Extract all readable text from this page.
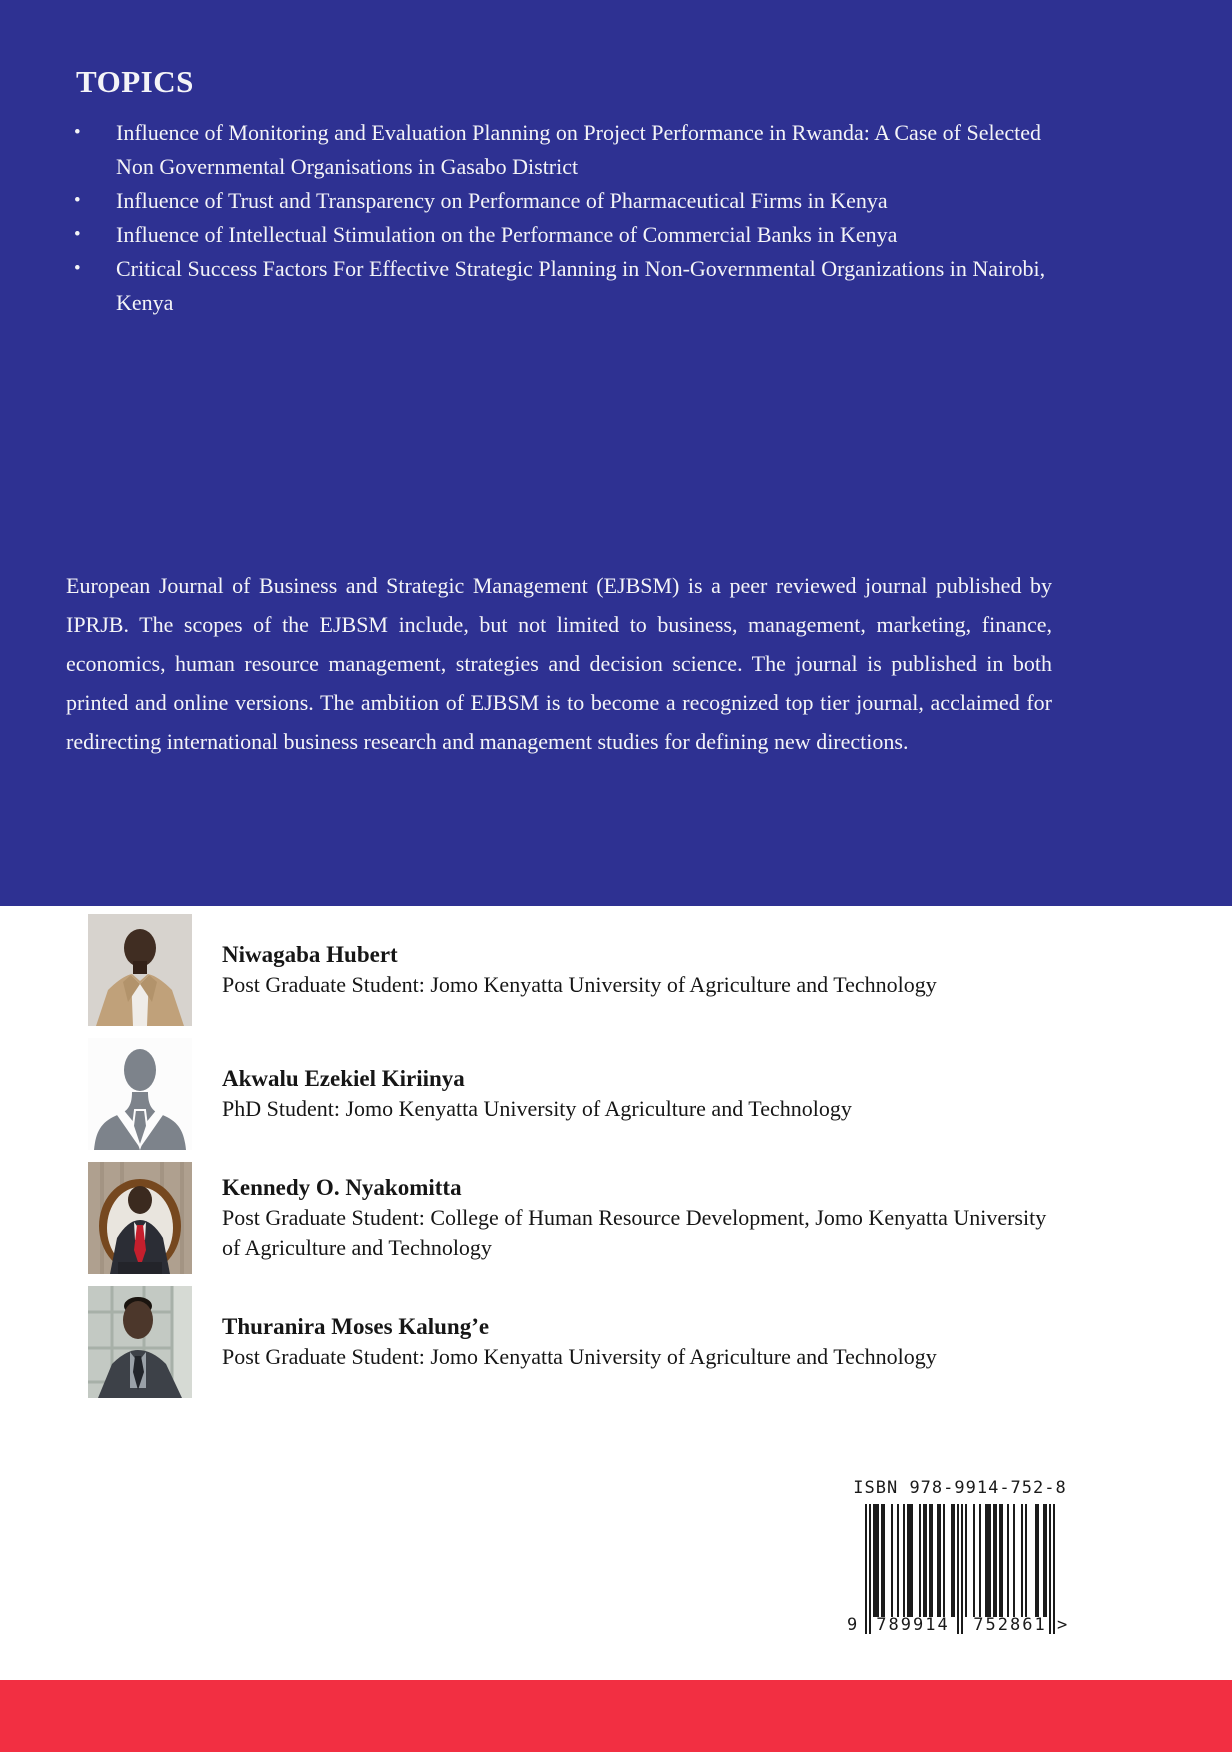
TOPICS
•	Influence of Monitoring and Evaluation Planning on Project Performance in Rwanda: A Case of Selected Non Governmental Organisations in Gasabo District
•	Influence of Trust and Transparency on Performance of Pharmaceutical Firms in Kenya
•	Influence of Intellectual Stimulation on the Performance of Commercial Banks in Kenya
•	Critical Success Factors For Effective Strategic Planning in Non-Governmental Organizations in Nairobi, Kenya

European Journal of Business and Strategic Management (EJBSM) is a peer reviewed journal published by IPRJB. The scopes of the EJBSM include, but not limited to business, management, marketing, finance, economics, human resource management, strategies and decision science. The journal is published in both printed and online versions. The ambition of EJBSM is to become a recognized top tier journal, acclaimed for redirecting international business research and management studies for defining new directions.

Niwagaba Hubert
Post Graduate Student: Jomo Kenyatta University of Agriculture and Technology
Akwalu Ezekiel Kiriinya
PhD Student: Jomo Kenyatta University of Agriculture and Technology
Kennedy O. Nyakomitta
Post Graduate Student: College of Human Resource Development, Jomo Kenyatta University of Agriculture and Technology
Thuranira Moses Kalung’e
Post Graduate Student: Jomo Kenyatta University of Agriculture and Technology
ISBN 978-9914-752-8
9 789914	752861 >
